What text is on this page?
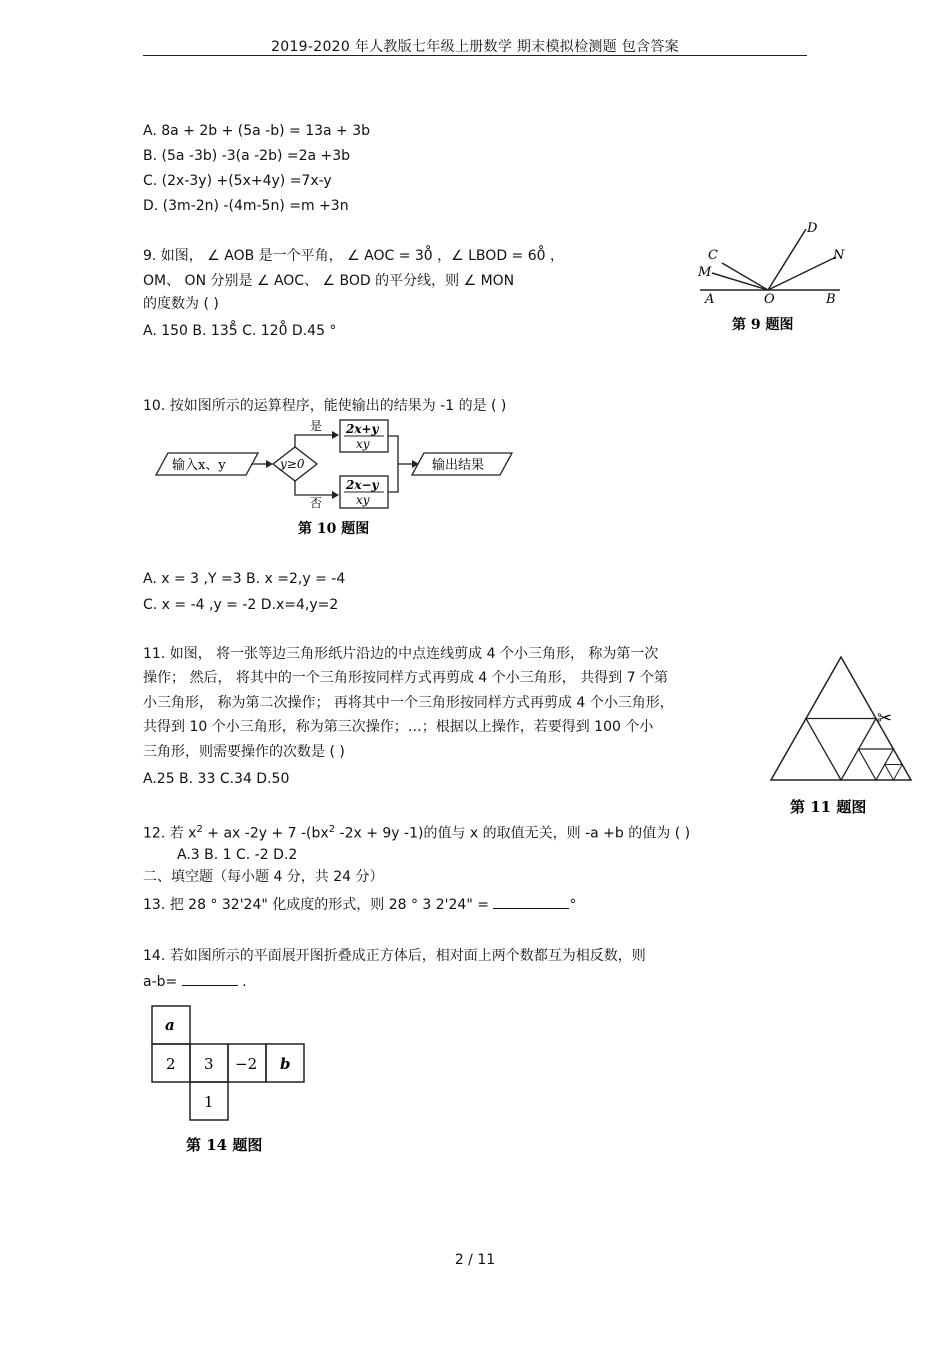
2019-2020 年人教版七年级上册数学 期末模拟检测题 包含答案
A. 8a + 2b + (5a -b) = 13a + 3b
B. (5a -3b) -3(a -2b) =2a +3b
C. (2x-3y) +(5x+4y) =7x-y
D. (3m-2n) -(4m-5n) =m +3n
9. 如图， ∠ AOB 是一个平角， ∠ AOC = 30̊ ，∠ LBOD = 60̊ ，
OM、 ON 分别是 ∠ AOC、 ∠ BOD 的平分线，则 ∠ MON
的度数为 ( )
A. 150 B. 135̊ C. 120̊ D.45 °
C
M
D
N
A	O	B
第 9 题图
10. 按如图所示的运算程序，能使输出的结果为 -1 的是 ( )
输入x、y	y≥0
是 2x+y
xy
否
2x−y
xy
输出结果
第 10 题图
A. x = 3 ,Y =3 B. x =2,y = -4
C. x = -4 ,y = -2 D.x=4,y=2
11. 如图， 将一张等边三角形纸片沿边的中点连线剪成 4 个小三角形， 称为第一次
操作； 然后， 将其中的一个三角形按同样方式再剪成 4 个小三角形， 共得到 7 个第
小三角形， 称为第二次操作； 再将其中一个三角形按同样方式再剪成 4 个小三角形，
共得到 10 个小三角形，称为第三次操作；…；根据以上操作，若要得到 100 个小
三角形，则需要操作的次数是 ( )
A.25 B. 33 C.34 D.50
✂
第 11 题图
12. 若 $x^2$ + ax -2y + 7 $-(bx^2$ -2x + 9y -1)的值与 x 的取值无关，则 -a +b 的值为 ( )
A.3 B. 1 C. -2 D.2
二、填空题（每小题 4 分，共 24 分）
13. 把 28 ° 32'24" 化成度的形式，则 28 ° 3 2'24" =	°
14. 若如图所示的平面展开图折叠成正方体后，相对面上两个数都互为相反数，则
a-b=	.
a
2 3 −2 b
1
第 14 题图
2 / 11
